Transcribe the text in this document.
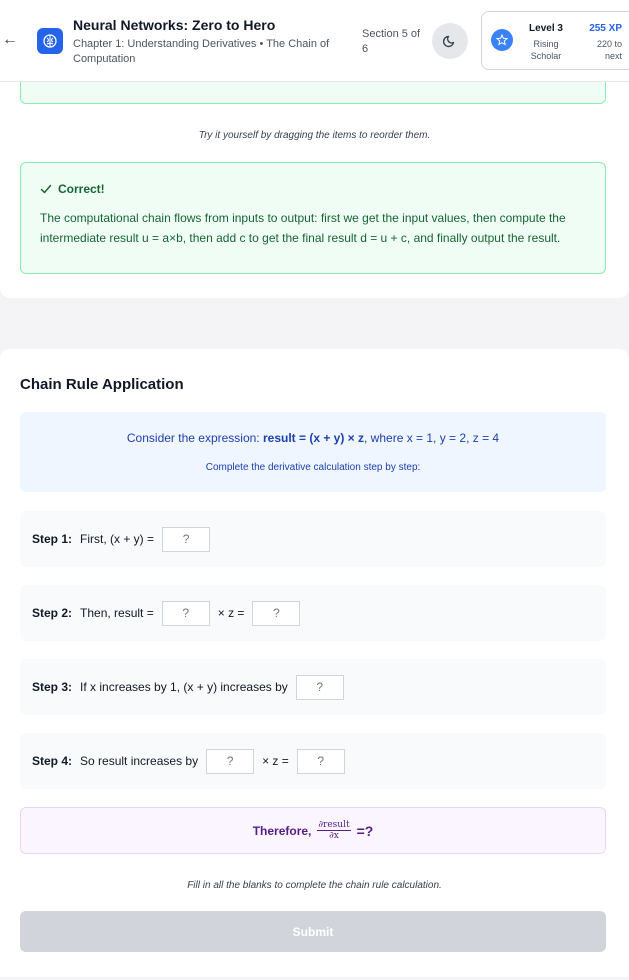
←
Neural Networks: Zero to Hero
Chapter 1: Understanding Derivatives • The Chain of Computation
Section 5 of 6
Level 3
Rising Scholar
255 XP
220 to next
Try it yourself by dragging the items to reorder them.
Correct!
The computational chain flows from inputs to output: first we get the input values, then compute the intermediate result u = a×b, then add c to get the final result d = u + c, and finally output the result.
Chain Rule Application
Consider the expression: result = (x + y) × z, where x = 1, y = 2, z = 4
Complete the derivative calculation step by step:
Step 1: First, (x + y) =
?
Step 2: Then, result =
?	× z =
?
Step 3: If x increases by 1, (x + y) increases by
?
Step 4: So result increases by
?	× z =
?
Therefore, $\frac{\text{∂result}}{\partial x}$ =?
Fill in all the blanks to complete the chain rule calculation.
Submit
